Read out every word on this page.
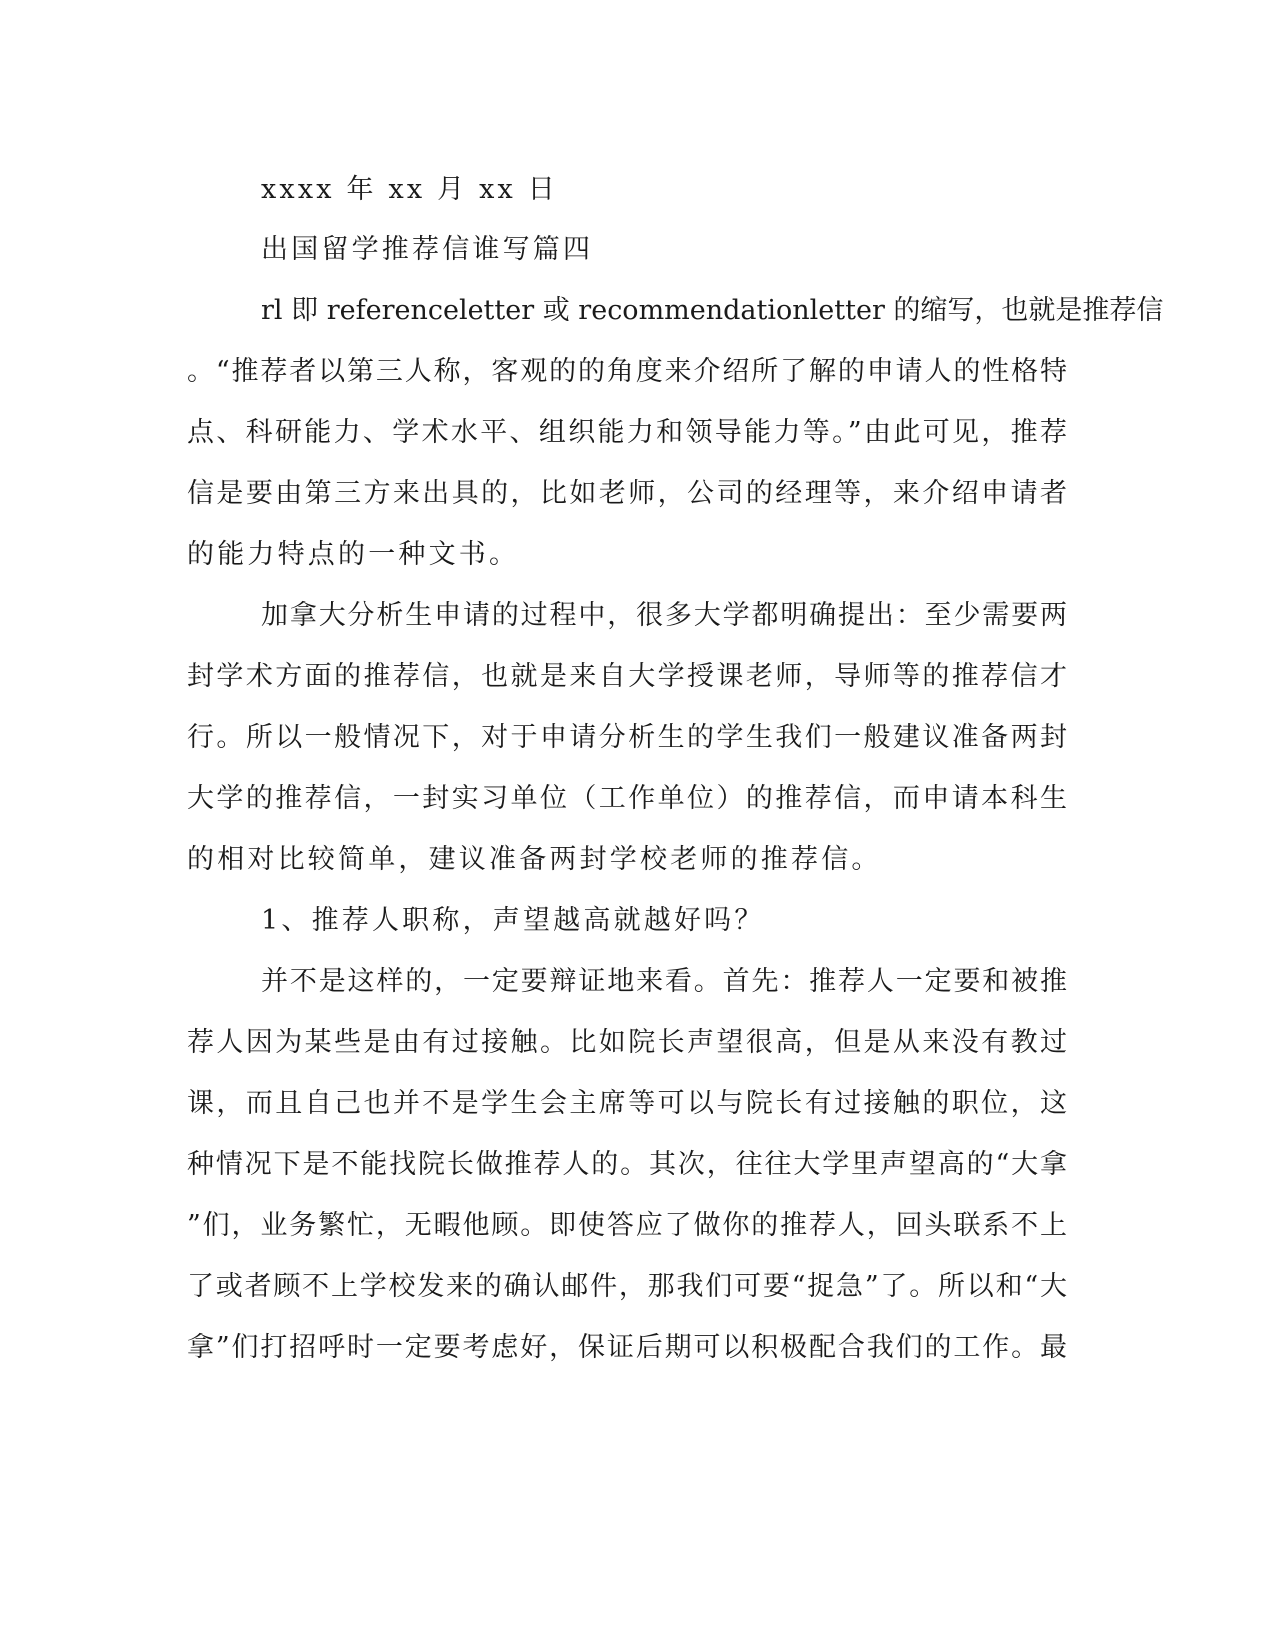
xxxx 年 xx 月 xx 日
出国留学推荐信谁写篇四
rl 即 referenceletter 或 recommendationletter 的缩写，也就是推荐信
。“推荐者以第三人称，客观的的角度来介绍所了解的申请人的性格特
点、科研能力、学术水平、组织能力和领导能力等。”由此可见，推荐
信是要由第三方来出具的，比如老师，公司的经理等，来介绍申请者
的能力特点的一种文书。
加拿大分析生申请的过程中，很多大学都明确提出：至少需要两
封学术方面的推荐信，也就是来自大学授课老师，导师等的推荐信才
行。所以一般情况下，对于申请分析生的学生我们一般建议准备两封
大学的推荐信，一封实习单位（工作单位）的推荐信，而申请本科生
的相对比较简单，建议准备两封学校老师的推荐信。
1、推荐人职称，声望越高就越好吗？
并不是这样的，一定要辩证地来看。首先：推荐人一定要和被推
荐人因为某些是由有过接触。比如院长声望很高，但是从来没有教过
课，而且自己也并不是学生会主席等可以与院长有过接触的职位，这
种情况下是不能找院长做推荐人的。其次，往往大学里声望高的“大拿
”们，业务繁忙，无暇他顾。即使答应了做你的推荐人，回头联系不上
了或者顾不上学校发来的确认邮件，那我们可要“捉急”了。所以和“大
拿”们打招呼时一定要考虑好，保证后期可以积极配合我们的工作。最
